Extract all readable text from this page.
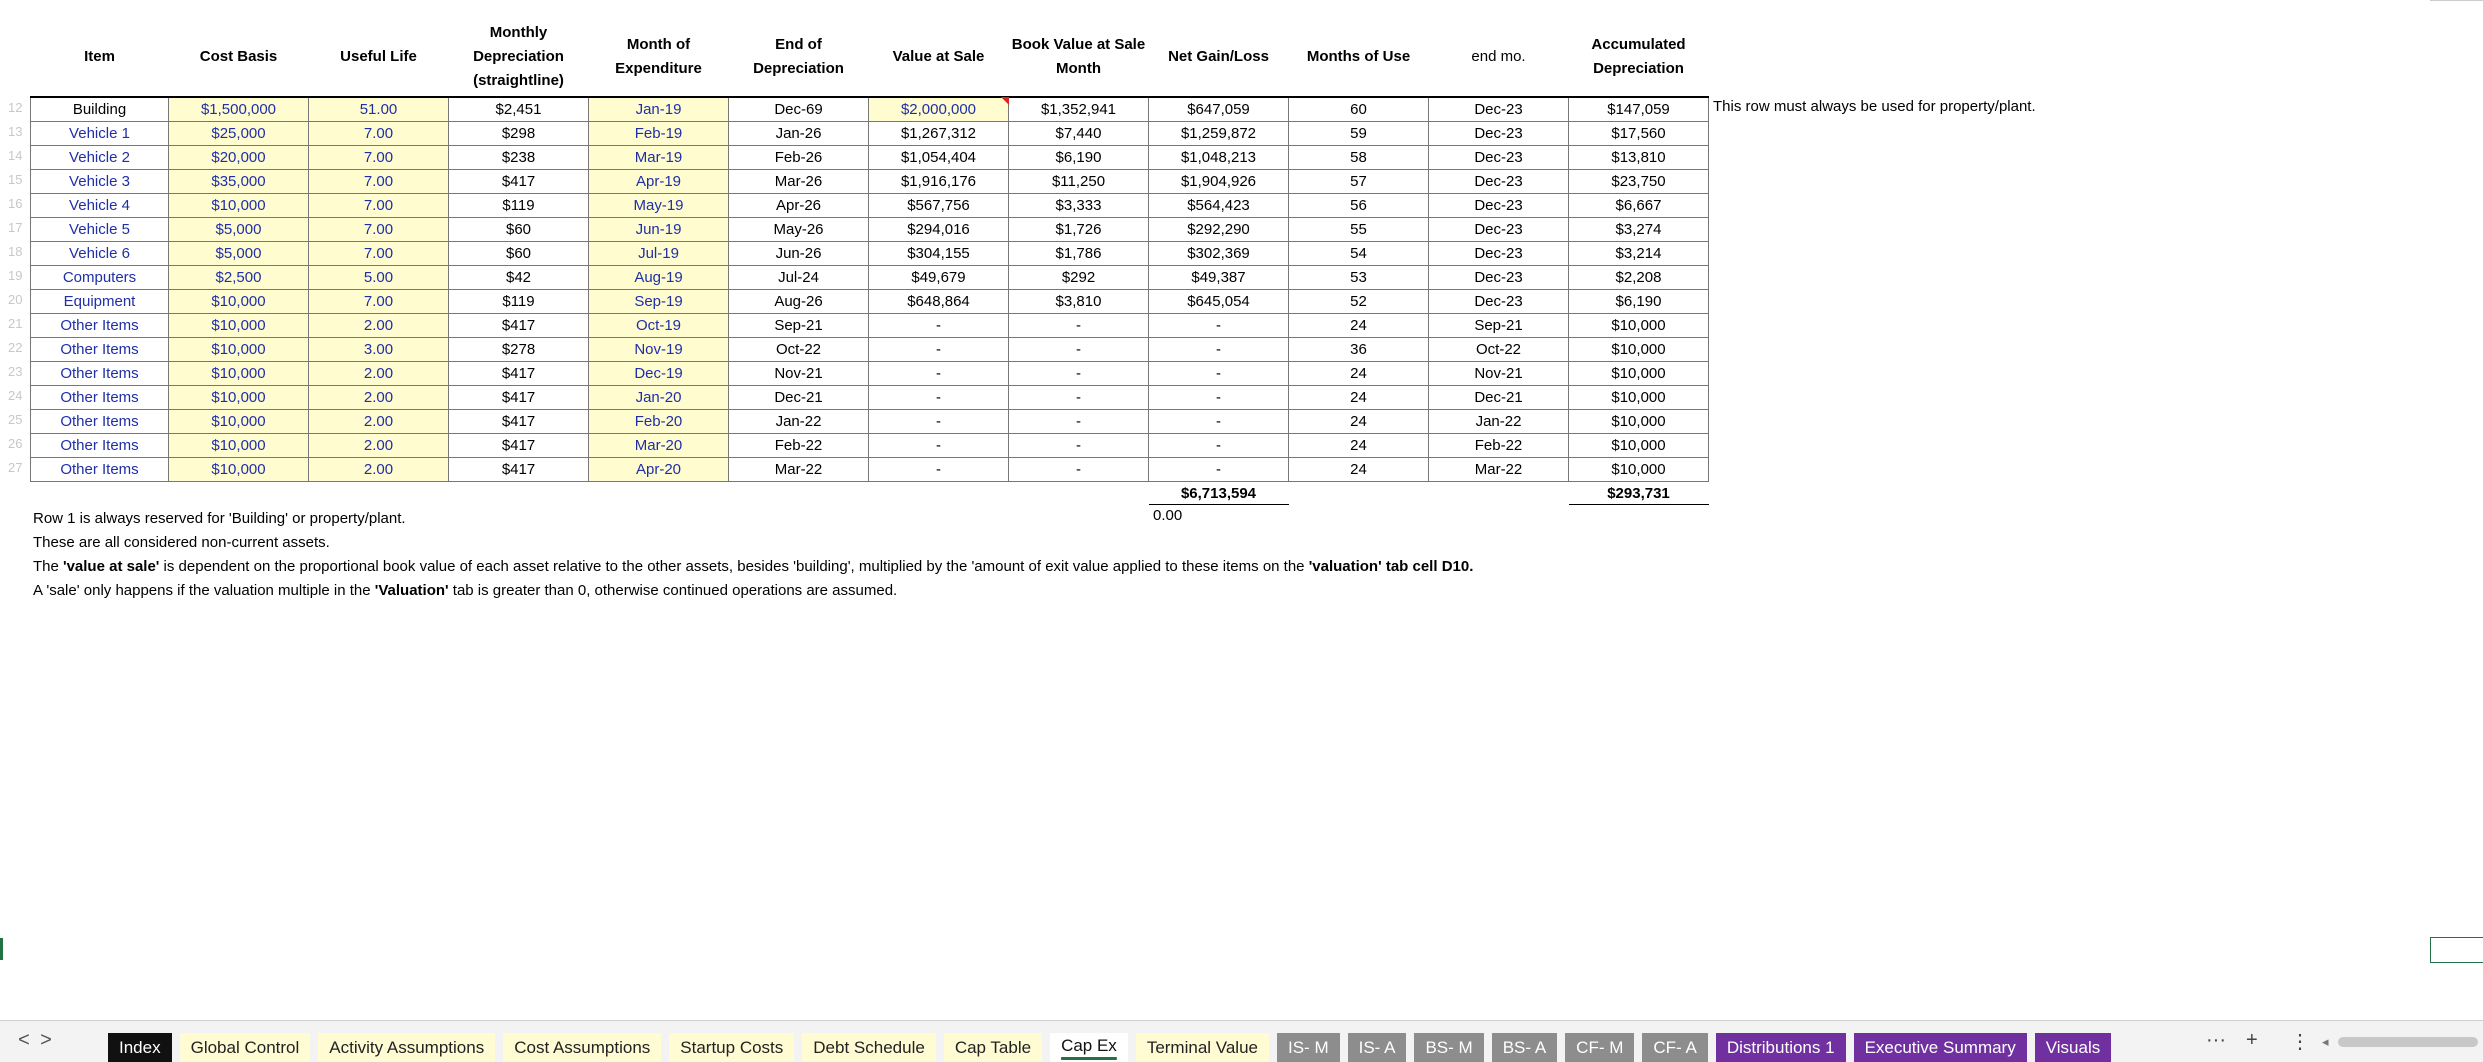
12
13
14
15
16
17
18
19
20
21
22
23
24
25
26
27
Item	Cost Basis	Useful Life	Monthly Depreciation (straightline)	Month of Expenditure	End of Depreciation	Value at Sale	Book Value at Sale Month	Net Gain/Loss	Months of Use	end mo.	Accumulated Depreciation
Building	$1,500,000	51.00	$2,451	Jan-19	Dec-69	$2,000,000	$1,352,941	$647,059	60	Dec-23	$147,059
Vehicle 1	$25,000	7.00	$298	Feb-19	Jan-26	$1,267,312	$7,440	$1,259,872	59	Dec-23	$17,560
Vehicle 2	$20,000	7.00	$238	Mar-19	Feb-26	$1,054,404	$6,190	$1,048,213	58	Dec-23	$13,810
Vehicle 3	$35,000	7.00	$417	Apr-19	Mar-26	$1,916,176	$11,250	$1,904,926	57	Dec-23	$23,750
Vehicle 4	$10,000	7.00	$119	May-19	Apr-26	$567,756	$3,333	$564,423	56	Dec-23	$6,667
Vehicle 5	$5,000	7.00	$60	Jun-19	May-26	$294,016	$1,726	$292,290	55	Dec-23	$3,274
Vehicle 6	$5,000	7.00	$60	Jul-19	Jun-26	$304,155	$1,786	$302,369	54	Dec-23	$3,214
Computers	$2,500	5.00	$42	Aug-19	Jul-24	$49,679	$292	$49,387	53	Dec-23	$2,208
Equipment	$10,000	7.00	$119	Sep-19	Aug-26	$648,864	$3,810	$645,054	52	Dec-23	$6,190
Other Items	$10,000	2.00	$417	Oct-19	Sep-21	-	-	-	24	Sep-21	$10,000
Other Items	$10,000	3.00	$278	Nov-19	Oct-22	-	-	-	36	Oct-22	$10,000
Other Items	$10,000	2.00	$417	Dec-19	Nov-21	-	-	-	24	Nov-21	$10,000
Other Items	$10,000	2.00	$417	Jan-20	Dec-21	-	-	-	24	Dec-21	$10,000
Other Items	$10,000	2.00	$417	Feb-20	Jan-22	-	-	-	24	Jan-22	$10,000
Other Items	$10,000	2.00	$417	Mar-20	Feb-22	-	-	-	24	Feb-22	$10,000
Other Items	$10,000	2.00	$417	Apr-20	Mar-22	-	-	-	24	Mar-22	$10,000
								$6,713,594			$293,731
This row must always be used for property/plant.
0.00
Row 1 is always reserved for 'Building' or property/plant.
These are all considered non-current assets.
The 'value at sale' is dependent on the proportional book value of each asset relative to the other assets, besides 'building', multiplied by the 'amount of exit value applied to these items on the 'valuation' tab cell D10.
A 'sale' only happens if the valuation multiple in the 'Valuation' tab is greater than 0, otherwise continued operations are assumed.
< >	Index	Global Control	Activity Assumptions	Cost Assumptions	Startup Costs	Debt Schedule	Cap Table	Cap Ex	Terminal Value	IS- M	IS- A	BS- M	BS- A	CF- M	CF- A	Distributions 1	Executive Summary	Visuals	··· + ⋮ ◂
